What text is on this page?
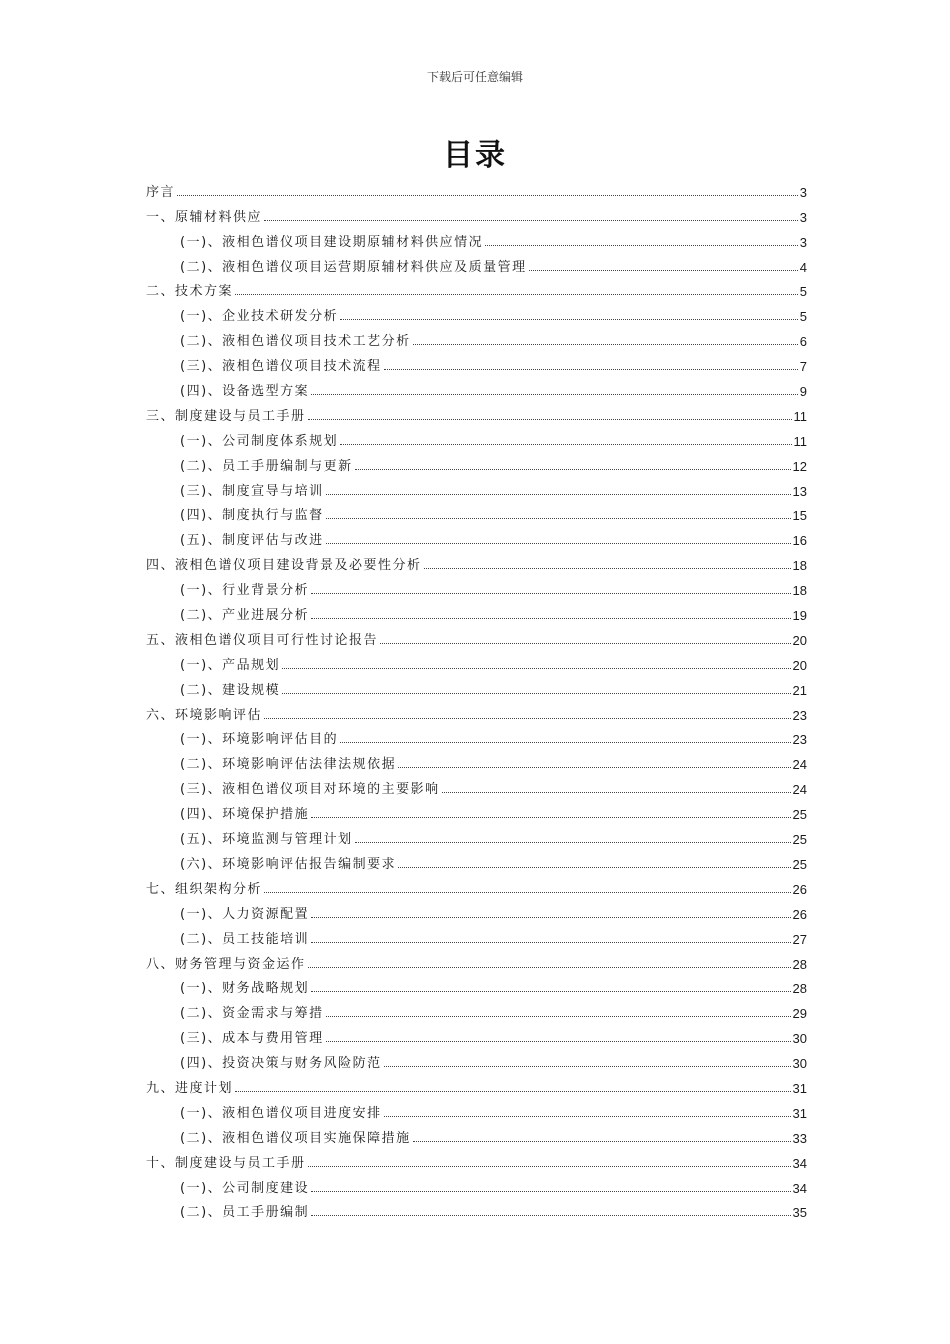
下载后可任意编辑
目录
序言	3
一、原辅材料供应	3
(一)、液相色谱仪项目建设期原辅材料供应情况	3
(二)、液相色谱仪项目运营期原辅材料供应及质量管理	4
二、技术方案	5
(一)、企业技术研发分析	5
(二)、液相色谱仪项目技术工艺分析	6
(三)、液相色谱仪项目技术流程	7
(四)、设备选型方案	9
三、制度建设与员工手册	11
(一)、公司制度体系规划	11
(二)、员工手册编制与更新	12
(三)、制度宣导与培训	13
(四)、制度执行与监督	15
(五)、制度评估与改进	16
四、液相色谱仪项目建设背景及必要性分析	18
(一)、行业背景分析	18
(二)、产业进展分析	19
五、液相色谱仪项目可行性讨论报告	20
(一)、产品规划	20
(二)、建设规模	21
六、环境影响评估	23
(一)、环境影响评估目的	23
(二)、环境影响评估法律法规依据	24
(三)、液相色谱仪项目对环境的主要影响	24
(四)、环境保护措施	25
(五)、环境监测与管理计划	25
(六)、环境影响评估报告编制要求	25
七、组织架构分析	26
(一)、人力资源配置	26
(二)、员工技能培训	27
八、财务管理与资金运作	28
(一)、财务战略规划	28
(二)、资金需求与筹措	29
(三)、成本与费用管理	30
(四)、投资决策与财务风险防范	30
九、进度计划	31
(一)、液相色谱仪项目进度安排	31
(二)、液相色谱仪项目实施保障措施	33
十、制度建设与员工手册	34
(一)、公司制度建设	34
(二)、员工手册编制	35
